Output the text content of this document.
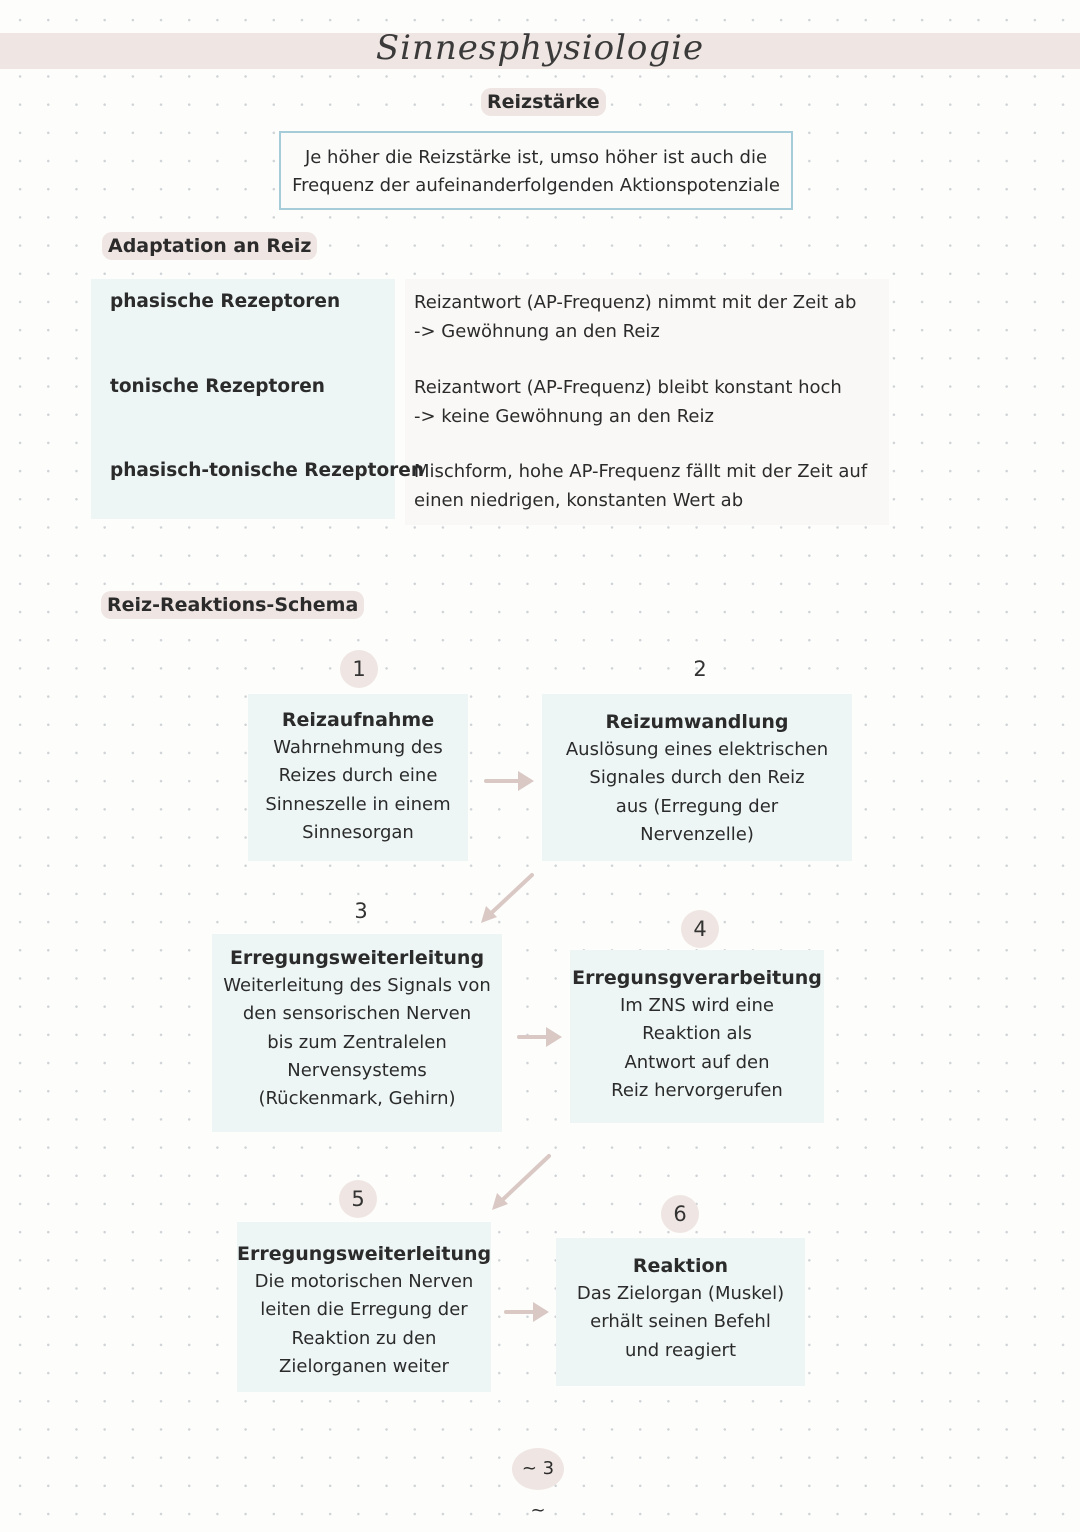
Sinnesphysiologie
Reizstärke
Je höher die Reizstärke ist, umso höher ist auch die
Frequenz der aufeinanderfolgenden Aktionspotenziale
Adaptation an Reiz
phasische Rezeptoren	Reizantwort (AP-Frequenz) nimmt mit der Zeit ab
-> Gewöhnung an den Reiz
tonische Rezeptoren	Reizantwort (AP-Frequenz) bleibt konstant hoch
-> keine Gewöhnung an den Reiz
phasisch-tonische Rezeptoren
Mischform, hohe AP-Frequenz fällt mit der Zeit auf
einen niedrigen, konstanten Wert ab
Reiz-Reaktions-Schema
1
Reizaufnahme
Wahrnehmung des
Reizes durch eine
Sinneszelle in einem
Sinnesorgan
2
Reizumwandlung
Auslösung eines elektrischen
Signales durch den Reiz
aus (Erregung der
Nervenzelle)
3
Erregungsweiterleitung
Weiterleitung des Signals von
den sensorischen Nerven
bis zum Zentralelen
Nervensystems
(Rückenmark, Gehirn)
4
Erregunsgverarbeitung
Im ZNS wird eine
Reaktion als
Antwort auf den
Reiz hervorgerufen
5
Erregungsweiterleitung
Die motorischen Nerven
leiten die Erregung der
Reaktion zu den
Zielorganen weiter
6
Reaktion
Das Zielorgan (Muskel)
erhält seinen Befehl
und reagiert
~ 3 ~
